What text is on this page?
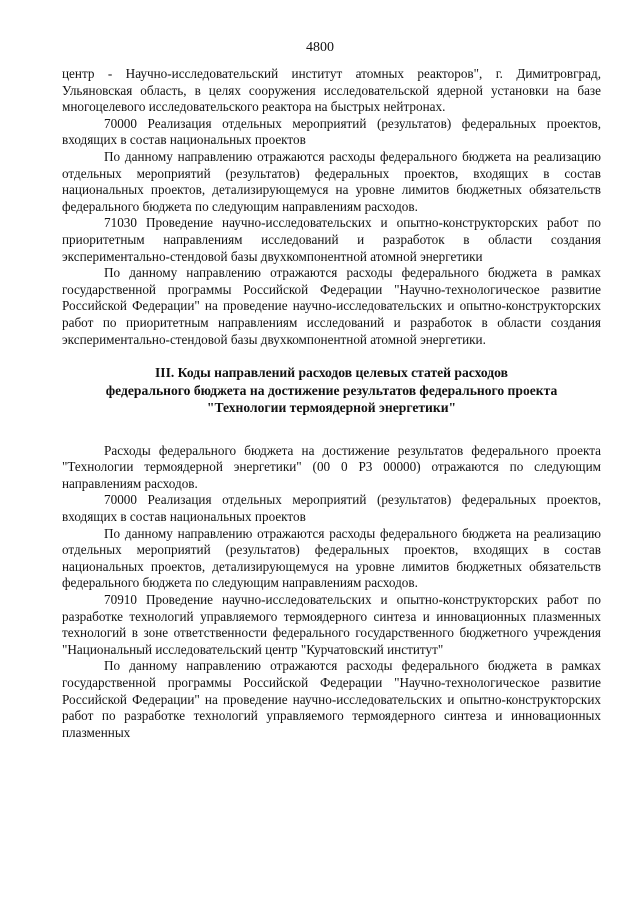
4800

центр - Научно-исследовательский институт атомных реакторов", г. Димитровград, Ульяновская область, в целях сооружения исследовательской ядерной установки на базе многоцелевого исследовательского реактора на быстрых нейтронах.

70000 Реализация отдельных мероприятий (результатов) федеральных проектов, входящих в состав национальных проектов

По данному направлению отражаются расходы федерального бюджета на реализацию отдельных мероприятий (результатов) федеральных проектов, входящих в состав национальных проектов, детализирующемуся на уровне лимитов бюджетных обязательств федерального бюджета по следующим направлениям расходов.

71030 Проведение научно-исследовательских и опытно-конструкторских работ по приоритетным направлениям исследований и разработок в области создания экспериментально-стендовой базы двухкомпонентной атомной энергетики

По данному направлению отражаются расходы федерального бюджета в рамках государственной программы Российской Федерации "Научно-технологическое развитие Российской Федерации" на проведение научно-исследовательских и опытно-конструкторских работ по приоритетным направлениям исследований и разработок в области создания экспериментально-стендовой базы двухкомпонентной атомной энергетики.

III. Коды направлений расходов целевых статей расходов
федерального бюджета на достижение результатов федерального проекта
"Технологии термоядерной энергетики"

Расходы федерального бюджета на достижение результатов федерального проекта "Технологии термоядерной энергетики" (00 0 Р3 00000) отражаются по следующим направлениям расходов.

70000 Реализация отдельных мероприятий (результатов) федеральных проектов, входящих в состав национальных проектов

По данному направлению отражаются расходы федерального бюджета на реализацию отдельных мероприятий (результатов) федеральных проектов, входящих в состав национальных проектов, детализирующемуся на уровне лимитов бюджетных обязательств федерального бюджета по следующим направлениям расходов.

70910 Проведение научно-исследовательских и опытно-конструкторских работ по разработке технологий управляемого термоядерного синтеза и инновационных плазменных технологий в зоне ответственности федерального государственного бюджетного учреждения "Национальный исследовательский центр "Курчатовский институт"

По данному направлению отражаются расходы федерального бюджета в рамках государственной программы Российской Федерации "Научно-технологическое развитие Российской Федерации" на проведение научно-исследовательских и опытно-конструкторских работ по разработке технологий управляемого термоядерного синтеза и инновационных плазменных
